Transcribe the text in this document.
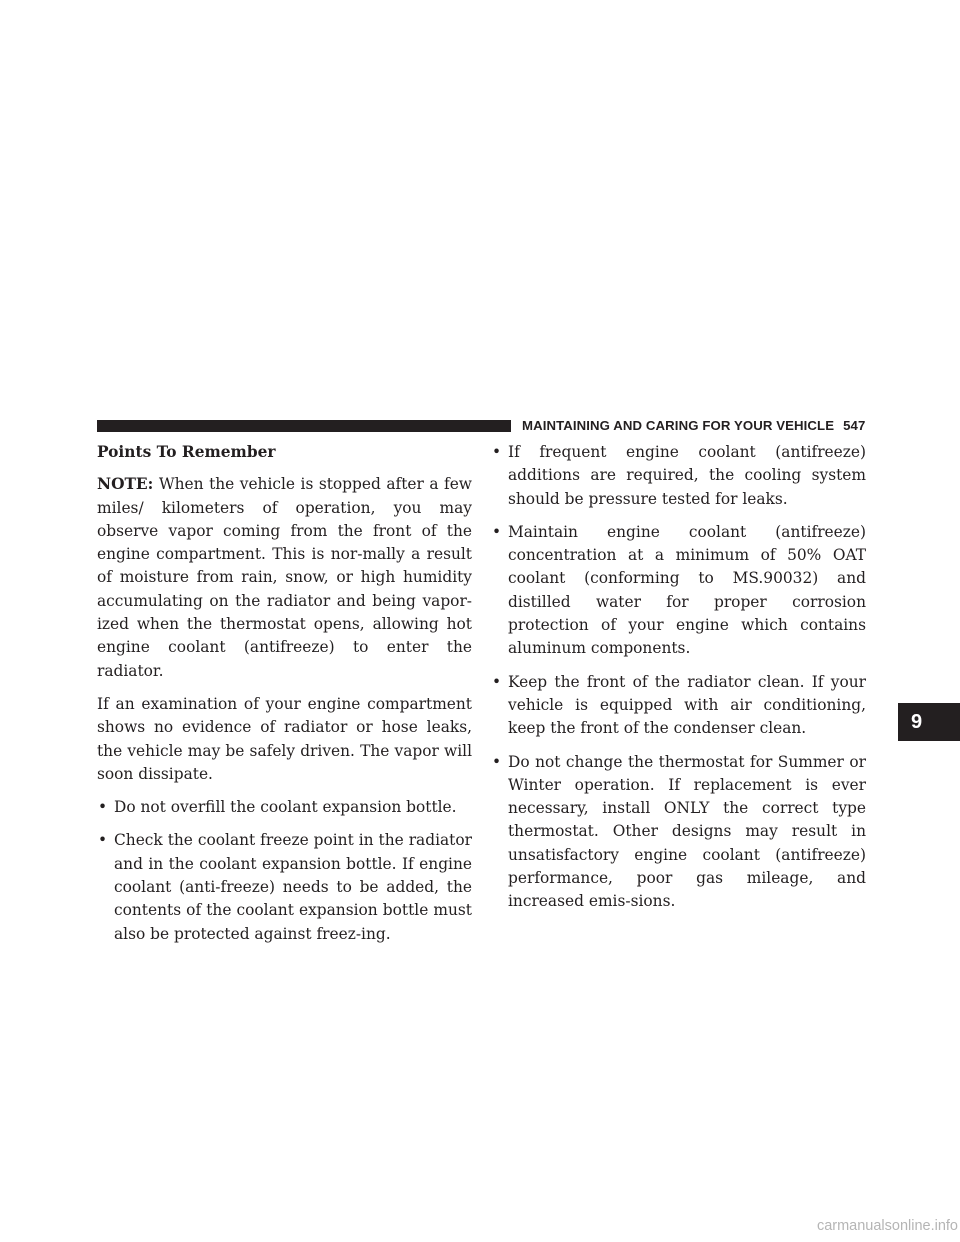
MAINTAINING AND CARING FOR YOUR VEHICLE 547
Points To Remember

NOTE: When the vehicle is stopped after a few miles/ kilometers of operation, you may observe vapor coming from the front of the engine compartment. This is nor-mally a result of moisture from rain, snow, or high humidity accumulating on the radiator and being vapor-ized when the thermostat opens, allowing hot engine coolant (antifreeze) to enter the radiator.

If an examination of your engine compartment shows no evidence of radiator or hose leaks, the vehicle may be safely driven. The vapor will soon dissipate.

• Do not overfill the coolant expansion bottle.
• Check the coolant freeze point in the radiator and in the coolant expansion bottle. If engine coolant (anti-freeze) needs to be added, the contents of the coolant expansion bottle must also be protected against freez-ing.
• If frequent engine coolant (antifreeze) additions are required, the cooling system should be pressure tested for leaks.
• Maintain engine coolant (antifreeze) concentration at a minimum of 50% OAT coolant (conforming to MS.90032) and distilled water for proper corrosion protection of your engine which contains aluminum components.
• Keep the front of the radiator clean. If your vehicle is equipped with air conditioning, keep the front of the condenser clean.
• Do not change the thermostat for Summer or Winter operation. If replacement is ever necessary, install ONLY the correct type thermostat. Other designs may result in unsatisfactory engine coolant (antifreeze) performance, poor gas mileage, and increased emis-sions.
9
carmanualsonline.info
